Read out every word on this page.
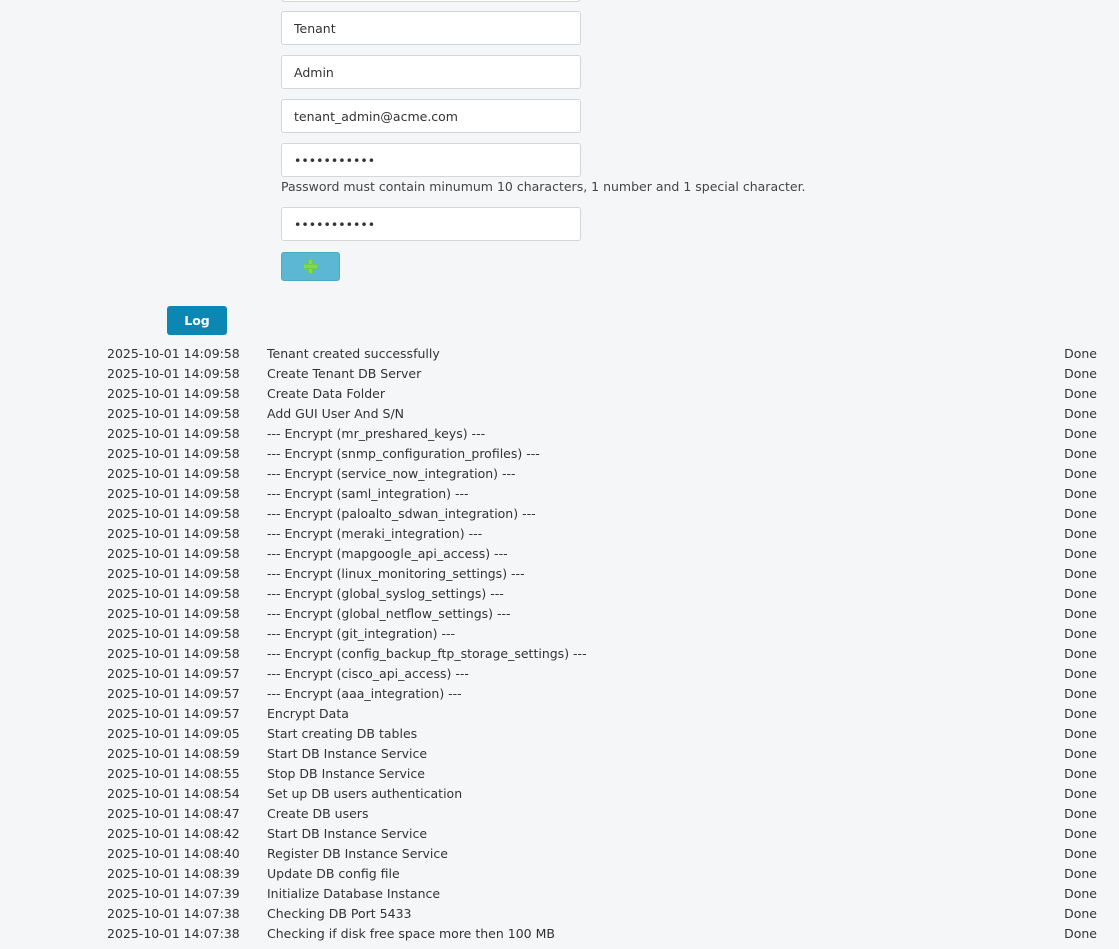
Tenant
Admin
tenant_admin@acme.com
•••••••••••
Password must contain minumum 10 characters, 1 number and 1 special character.
•••••••••••
Log
2025-10-01 14:09:58 Tenant created successfully	Done
2025-10-01 14:09:58 Create Tenant DB Server	Done
2025-10-01 14:09:58 Create Data Folder	Done
2025-10-01 14:09:58 Add GUI User And S/N	Done
2025-10-01 14:09:58 --- Encrypt (mr_preshared_keys) ---	Done
2025-10-01 14:09:58 --- Encrypt (snmp_configuration_profiles) ---	Done
2025-10-01 14:09:58 --- Encrypt (service_now_integration) ---	Done
2025-10-01 14:09:58 --- Encrypt (saml_integration) ---	Done
2025-10-01 14:09:58 --- Encrypt (paloalto_sdwan_integration) ---	Done
2025-10-01 14:09:58 --- Encrypt (meraki_integration) ---	Done
2025-10-01 14:09:58 --- Encrypt (mapgoogle_api_access) ---	Done
2025-10-01 14:09:58 --- Encrypt (linux_monitoring_settings) ---	Done
2025-10-01 14:09:58 --- Encrypt (global_syslog_settings) ---	Done
2025-10-01 14:09:58 --- Encrypt (global_netflow_settings) ---	Done
2025-10-01 14:09:58 --- Encrypt (git_integration) ---	Done
2025-10-01 14:09:58 --- Encrypt (config_backup_ftp_storage_settings) ---	Done
2025-10-01 14:09:57 --- Encrypt (cisco_api_access) ---	Done
2025-10-01 14:09:57 --- Encrypt (aaa_integration) ---	Done
2025-10-01 14:09:57 Encrypt Data	Done
2025-10-01 14:09:05 Start creating DB tables	Done
2025-10-01 14:08:59 Start DB Instance Service	Done
2025-10-01 14:08:55 Stop DB Instance Service	Done
2025-10-01 14:08:54 Set up DB users authentication	Done
2025-10-01 14:08:47 Create DB users	Done
2025-10-01 14:08:42 Start DB Instance Service	Done
2025-10-01 14:08:40 Register DB Instance Service	Done
2025-10-01 14:08:39 Update DB config file	Done
2025-10-01 14:07:39 Initialize Database Instance	Done
2025-10-01 14:07:38 Checking DB Port 5433	Done
2025-10-01 14:07:38 Checking if disk free space more then 100 MB	Done
